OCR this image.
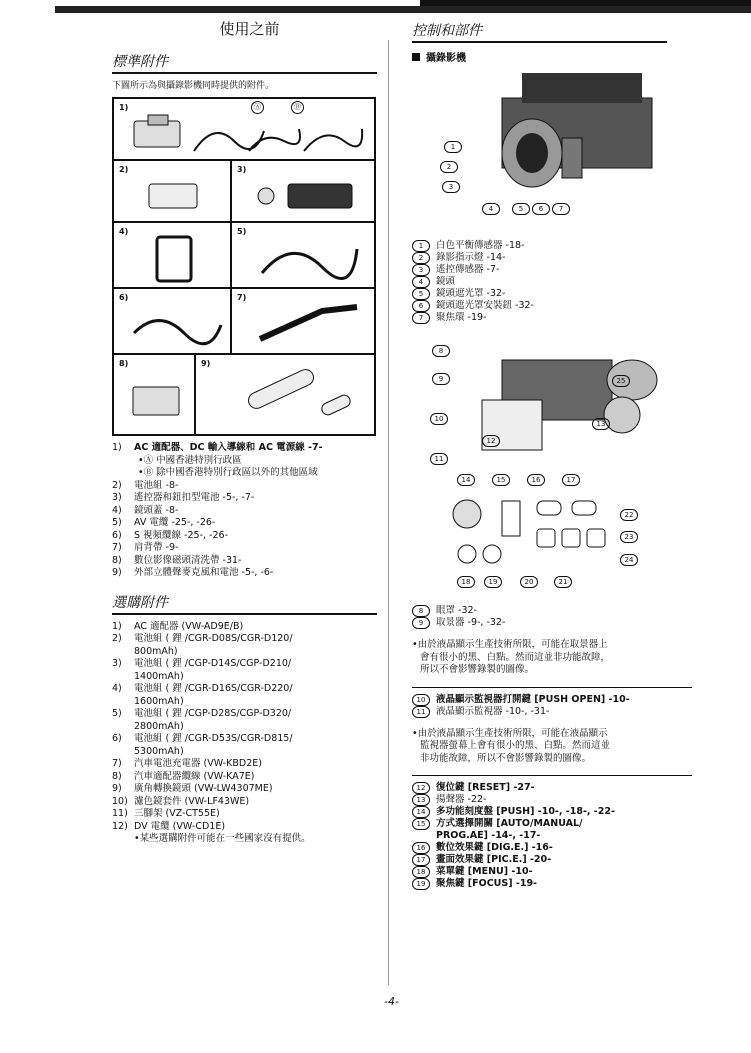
使用之前
標準附件
下圖所示為與攝錄影機同時提供的附件。
1)	Ⓐ	Ⓑ
2)	3)
4)	5)
6)	7)
8)	9)
1) AC 適配器、DC 輸入導線和 AC 電源線 -7-
•Ⓐ 中國香港特別行政區
•Ⓑ 除中國香港特別行政區以外的其他區域
2) 電池組 -8-
3) 遙控器和鈕扣型電池 -5-, -7-
4) 鏡頭蓋 -8-
5) AV 電纜 -25-, -26-
6) S 視頻纜線 -25-, -26-
7) 肩背帶 -9-
8) 數位影像磁頭清洗帶 -31-
9) 外部立體聲麥克風和電池 -5-, -6-
選購附件
1) AC 適配器 (VW-AD9E/B)
2) 電池組 ( 鋰 /CGR-D08S/CGR-D120/
800mAh)
3) 電池組 ( 鋰 /CGP-D14S/CGP-D210/
1400mAh)
4) 電池組 ( 鋰 /CGR-D16S/CGR-D220/
1600mAh)
5) 電池組 ( 鋰 /CGP-D28S/CGP-D320/
2800mAh)
6) 電池組 ( 鋰 /CGR-D53S/CGR-D815/
5300mAh)
7) 汽車電池充電器 (VW-KBD2E)
8) 汽車適配器纜線 (VW-KA7E)
9) 廣角轉換鏡頭 (VW-LW4307ME)
10) 濾色鏡套件 (VW-LF43WE)
11) 三腳架 (VZ-CT55E)
12) DV 電纜 (VW-CD1E)
•某些選購附件可能在一些國家沒有提供。
控制和部件
攝錄影機
1
2
3
4	5	6	7
1 白色平衡傳感器 -18-
2 錄影指示燈 -14-
3 遙控傳感器 -7-
4 鏡頭
5 鏡頭遮光罩 -32-
6 鏡頭遮光罩安裝鈕 -32-
7 聚焦環 -19-
8
9
10
11
12
13
25
14	15	16	17
18	19	20	21
22
23
24
8 眼罩 -32-
9 取景器 -9-, -32-
•由於液晶顯示生產技術所限，可能在取景器上
會有很小的黑、白點。然而這並非功能故障，
所以不會影響錄製的圖像。
10 液晶顯示監視器打開鍵 [PUSH OPEN] -10-
11 液晶顯示監視器 -10-, -31-
•由於液晶顯示生產技術所限，可能在液晶顯示
監視器螢幕上會有很小的黑、白點。然而這並
非功能故障，所以不會影響錄製的圖像。
12 復位鍵 [RESET] -27-
13 揚聲器 -22-
14 多功能刻度盤 [PUSH] -10-, -18-, -22-
15 方式選擇開關 [AUTO/MANUAL/
PROG.AE] -14-, -17-
16 數位效果鍵 [DIG.E.] -16-
17 畫面效果鍵 [PIC.E.] -20-
18 菜單鍵 [MENU] -10-
19 聚焦鍵 [FOCUS] -19-
-4-
